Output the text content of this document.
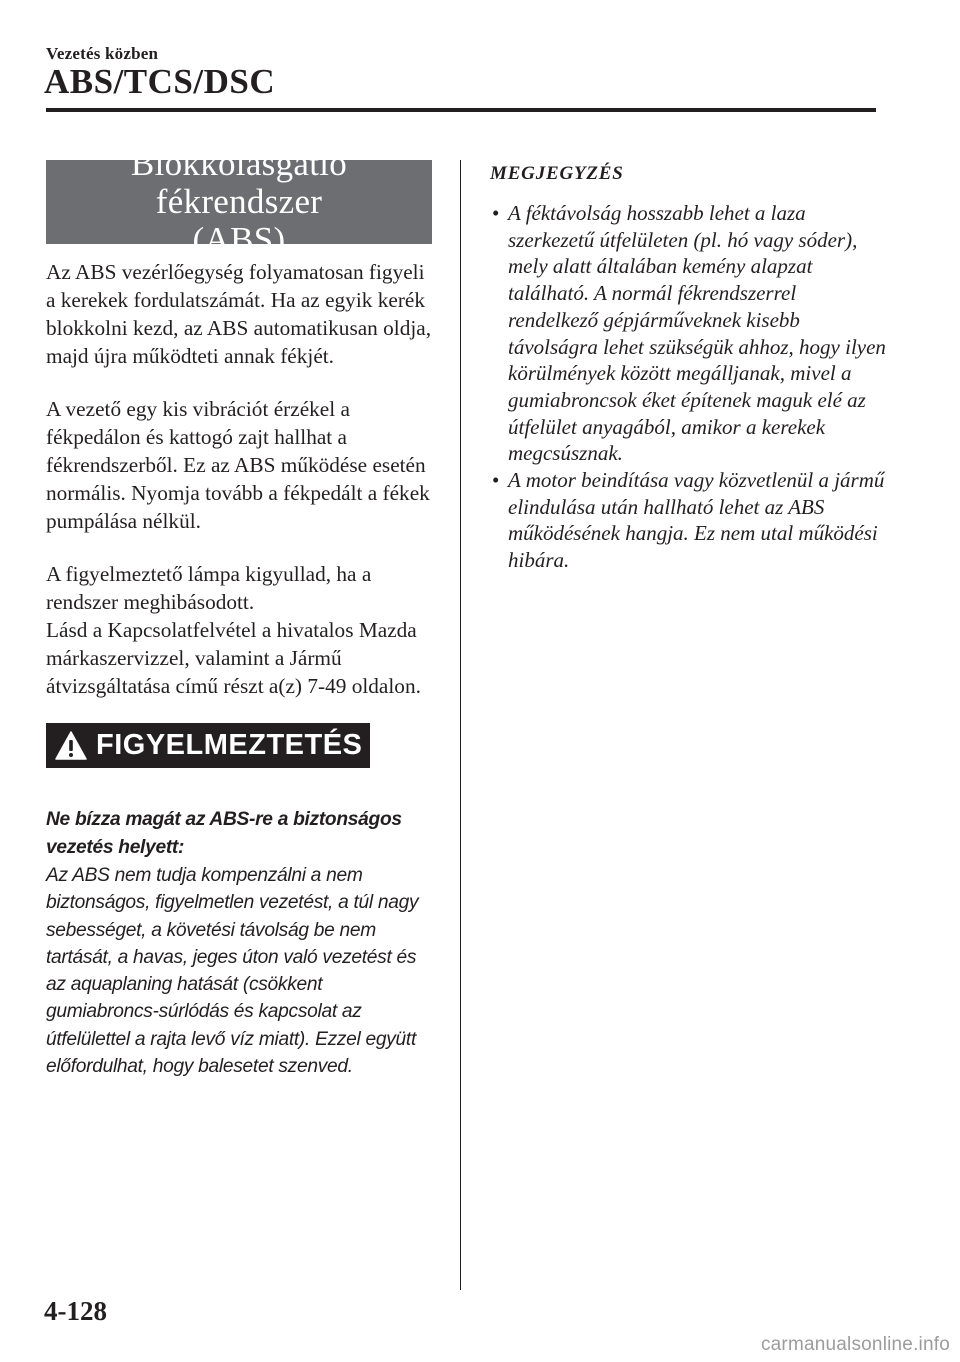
Vezetés közben
ABS/TCS/DSC
Blokkolásgátló fékrendszer
(ABS)

Az ABS vezérlőegység folyamatosan figyeli a kerekek fordulatszámát. Ha az egyik kerék blokkolni kezd, az ABS automatikusan oldja, majd újra működteti annak fékjét.

A vezető egy kis vibrációt érzékel a fékpedálon és kattogó zajt hallhat a fékrendszerből. Ez az ABS működése esetén normális. Nyomja tovább a fékpedált a fékek pumpálása nélkül.

A figyelmeztető lámpa kigyullad, ha a rendszer meghibásodott.

Lásd a Kapcsolatfelvétel a hivatalos Mazda márkaszervizzel, valamint a Jármű átvizsgáltatása című részt a(z) 7-49 oldalon.

FIGYELMEZTETÉS

Ne bízza magát az ABS-re a biztonságos vezetés helyett:

Az ABS nem tudja kompenzálni a nem biztonságos, figyelmetlen vezetést, a túl nagy sebességet, a követési távolság be nem tartását, a havas, jeges úton való vezetést és az aquaplaning hatását (csökkent gumiabroncs-súrlódás és kapcsolat az útfelülettel a rajta levő víz miatt). Ezzel együtt előfordulhat, hogy balesetet szenved.

MEGJEGYZÉS

• A féktávolság hosszabb lehet a laza szerkezetű útfelületen (pl. hó vagy sóder), mely alatt általában kemény alapzat található. A normál fékrendszerrel rendelkező gépjárműveknek kisebb távolságra lehet szükségük ahhoz, hogy ilyen körülmények között megálljanak, mivel a gumiabroncsok éket építenek maguk elé az útfelület anyagából, amikor a kerekek megcsúsznak.
• A motor beindítása vagy közvetlenül a jármű elindulása után hallható lehet az ABS működésének hangja. Ez nem utal működési hibára.
4-128
carmanualsonline.info
